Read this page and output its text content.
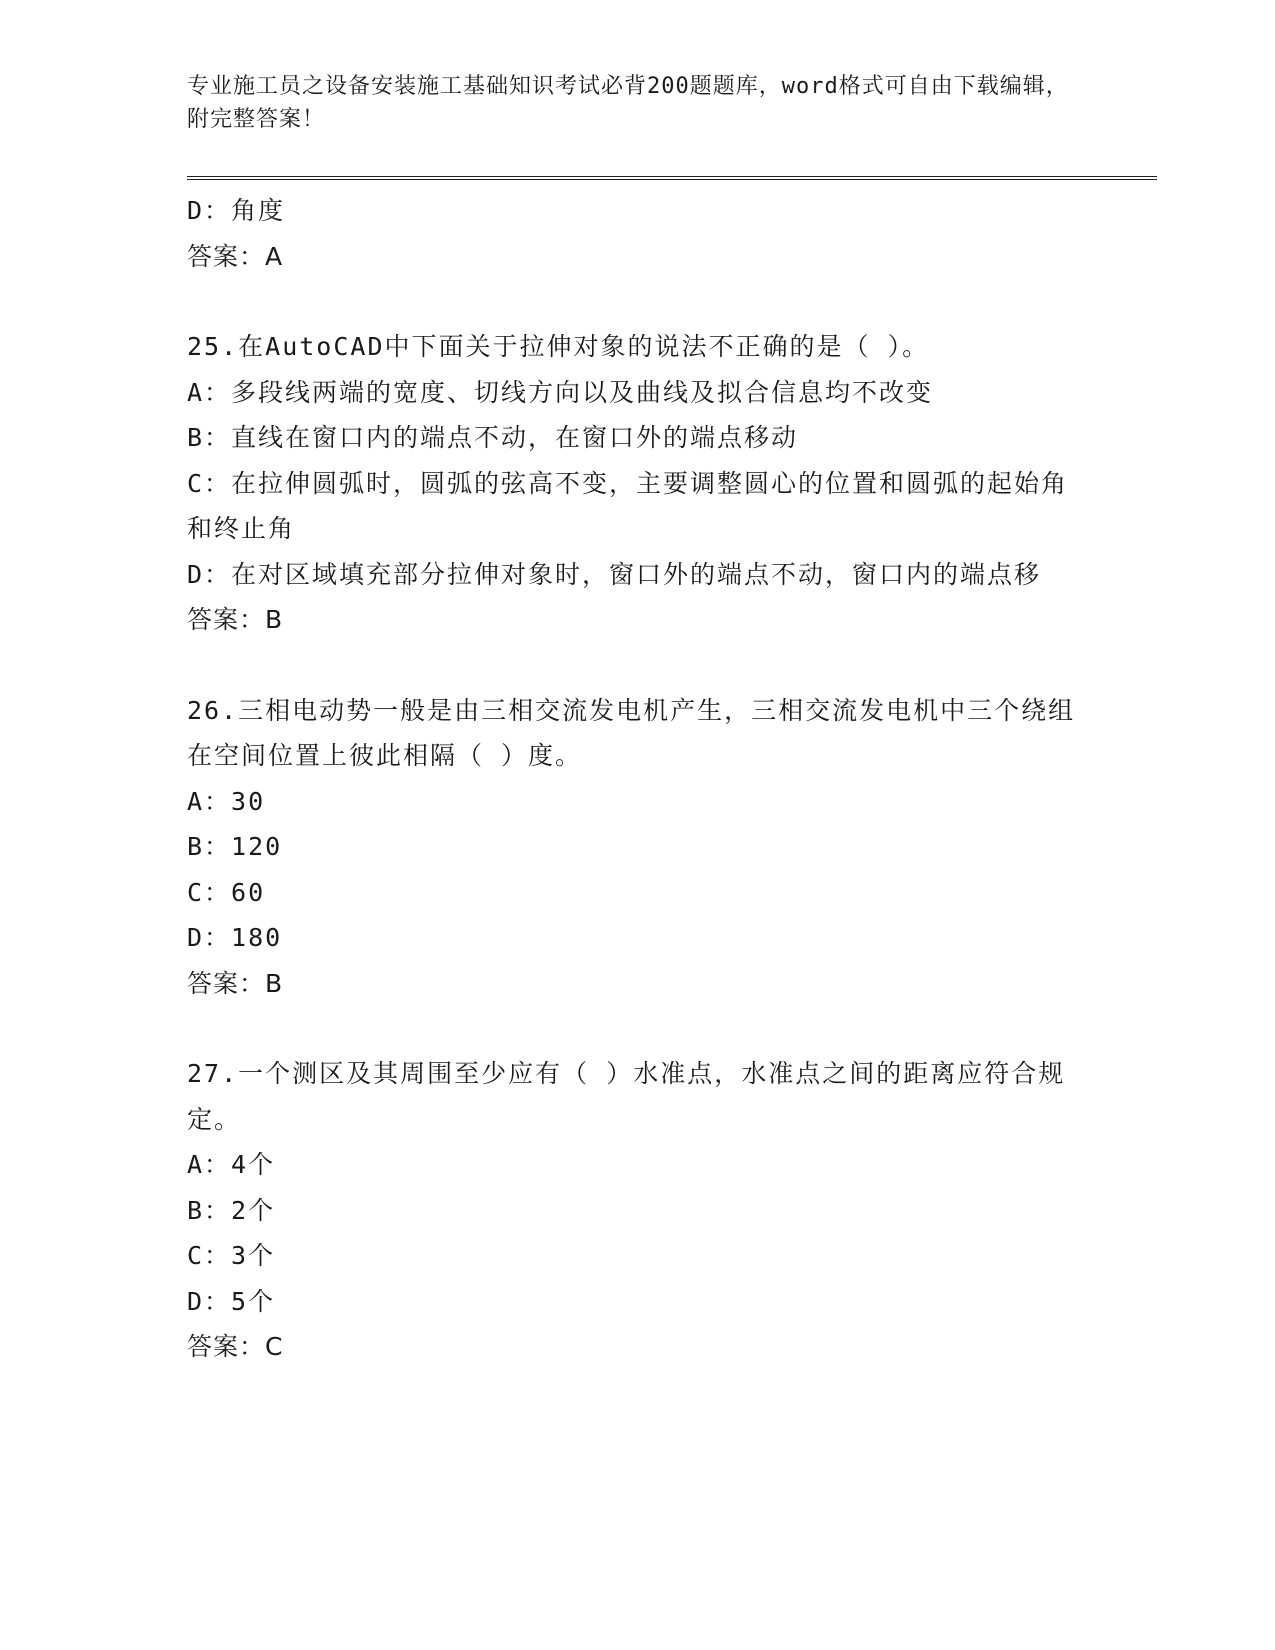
专业施工员之设备安装施工基础知识考试必背200题题库，word格式可自由下载编辑，附完整答案！

D：角度

答案：A

25.在AutoCAD中下面关于拉伸对象的说法不正确的是（ ）。

A：多段线两端的宽度、切线方向以及曲线及拟合信息均不改变

B：直线在窗口内的端点不动，在窗口外的端点移动

C：在拉伸圆弧时，圆弧的弦高不变，主要调整圆心的位置和圆弧的起始角和终止角

D：在对区域填充部分拉伸对象时，窗口外的端点不动，窗口内的端点移

答案：B

26.三相电动势一般是由三相交流发电机产生，三相交流发电机中三个绕组在空间位置上彼此相隔（ ）度。

A：30

B：120

C：60

D：180

答案：B

27.一个测区及其周围至少应有（ ）水准点，水准点之间的距离应符合规定。

A：4个

B：2个

C：3个

D：5个

答案：C
